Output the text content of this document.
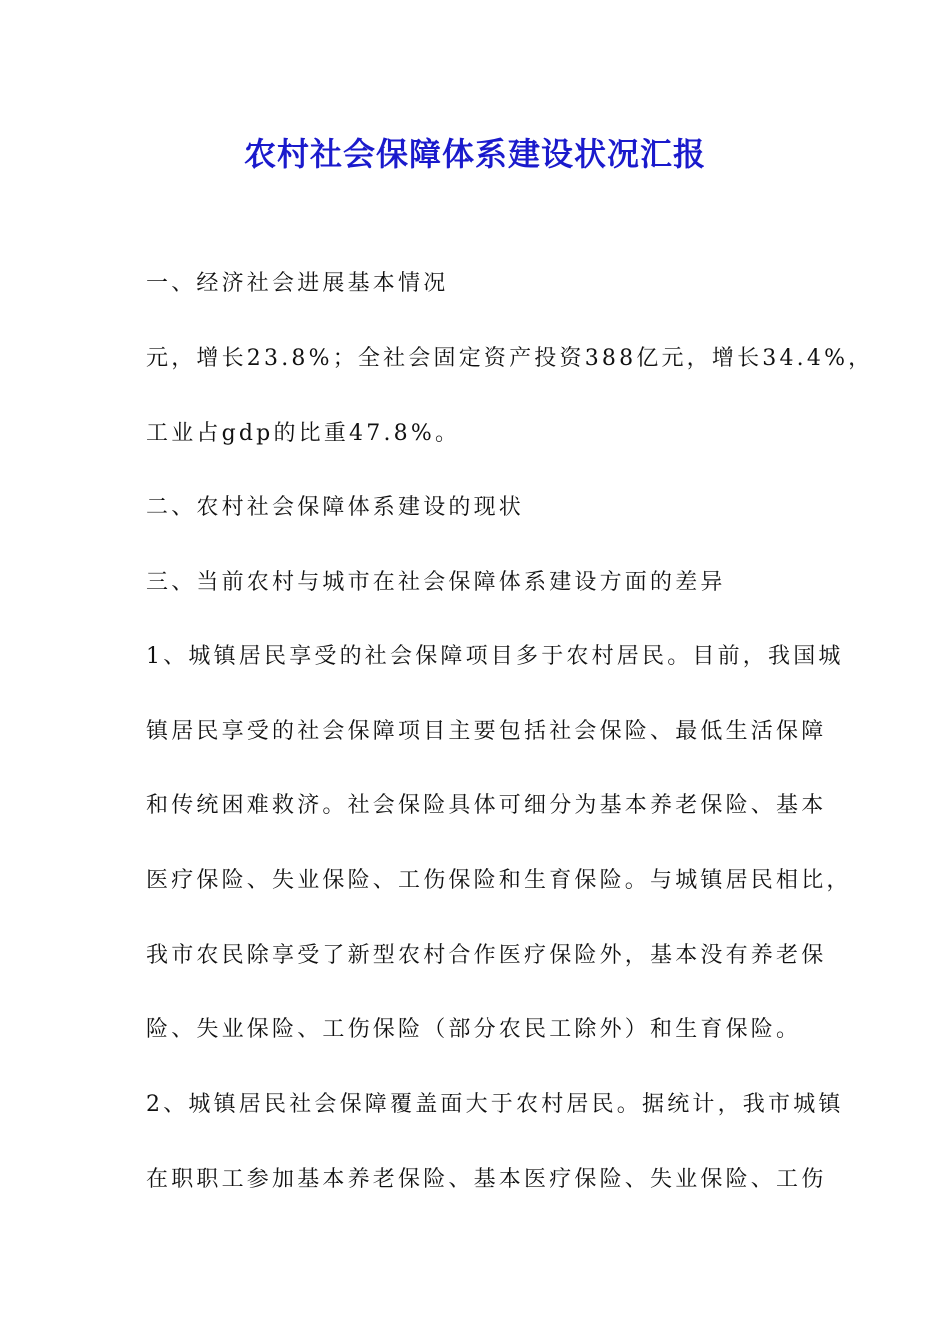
农村社会保障体系建设状况汇报

一、经济社会进展基本情况

元，增长23.8%；全社会固定资产投资388亿元，增长34.4%，

工业占gdp的比重47.8%。

二、农村社会保障体系建设的现状

三、当前农村与城市在社会保障体系建设方面的差异

1、城镇居民享受的社会保障项目多于农村居民。目前，我国城

镇居民享受的社会保障项目主要包括社会保险、最低生活保障

和传统困难救济。社会保险具体可细分为基本养老保险、基本

医疗保险、失业保险、工伤保险和生育保险。与城镇居民相比，

我市农民除享受了新型农村合作医疗保险外，基本没有养老保

险、失业保险、工伤保险（部分农民工除外）和生育保险。

2、城镇居民社会保障覆盖面大于农村居民。据统计，我市城镇

在职职工参加基本养老保险、基本医疗保险、失业保险、工伤
